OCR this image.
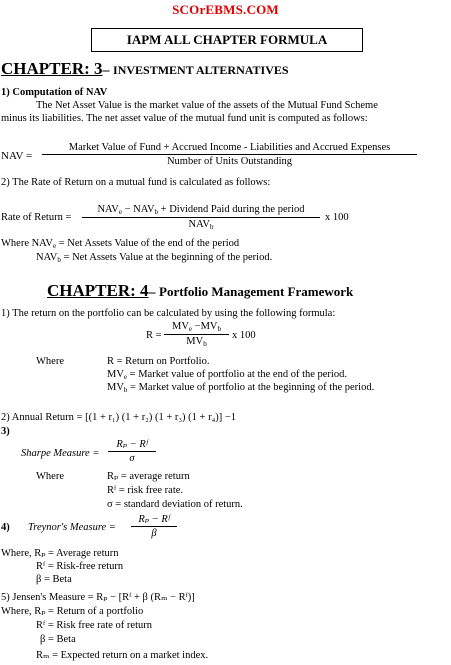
SCOrEBMS.COM
IAPM ALL CHAPTER FORMULA
CHAPTER: 3– INVESTMENT ALTERNATIVES
1) Computation of NAV
The Net Asset Value is the market value of the assets of the Mutual Fund Scheme
minus its liabilities. The net asset value of the mutual fund unit is computed as follows:
NAV =
Market Value of Fund + Accrued Income - Liabilities and Accrued Expenses
Number of Units Outstanding
2) The Rate of Return on a mutual fund is calculated as follows:
Rate of Return =
$NAV_e - NAV_b$ + Dividend Paid during the period
$NAV_b$
x 100
Where $NAV_e$ = Net Assets Value of the end of the period
$NAV_b$ = Net Assets Value at the beginning of the period.
CHAPTER: 4– Portfolio Management Framework
1) The return on the portfolio can be calculated by using the following formula:
R =
$MV_e -MV_b$
$MV_b$
x 100
Where	R = Return on Portfolio.
$MV_e$ = Market value of portfolio at the end of the period.
$MV_b$ = Market value of portfolio at the beginning of the period.
2) Annual Return = [(1 + r₁) (1 + r₂) (1 + r₃) (1 + r₄)] −1
3)
Sharpe Measure = $\frac{\text{Rₚ − Rᶠ}}{\sigma}$
Where	Rₚ = average return
Rᶠ = risk free rate.
σ = standard deviation of return.
4) Treynor's Measure = $\frac{\text{Rₚ − Rᶠ}}{\beta}$
Where, Rₚ = Average return
Rᶠ = Risk-free return
β = Beta
5) Jensen's Measure = Rₚ − [Rᶠ + β (Rₘ − Rᶠ)]
Where, Rₚ = Return of a portfolio
Rᶠ = Risk free rate of return
β = Beta
Rₘ = Expected return on a market index.
